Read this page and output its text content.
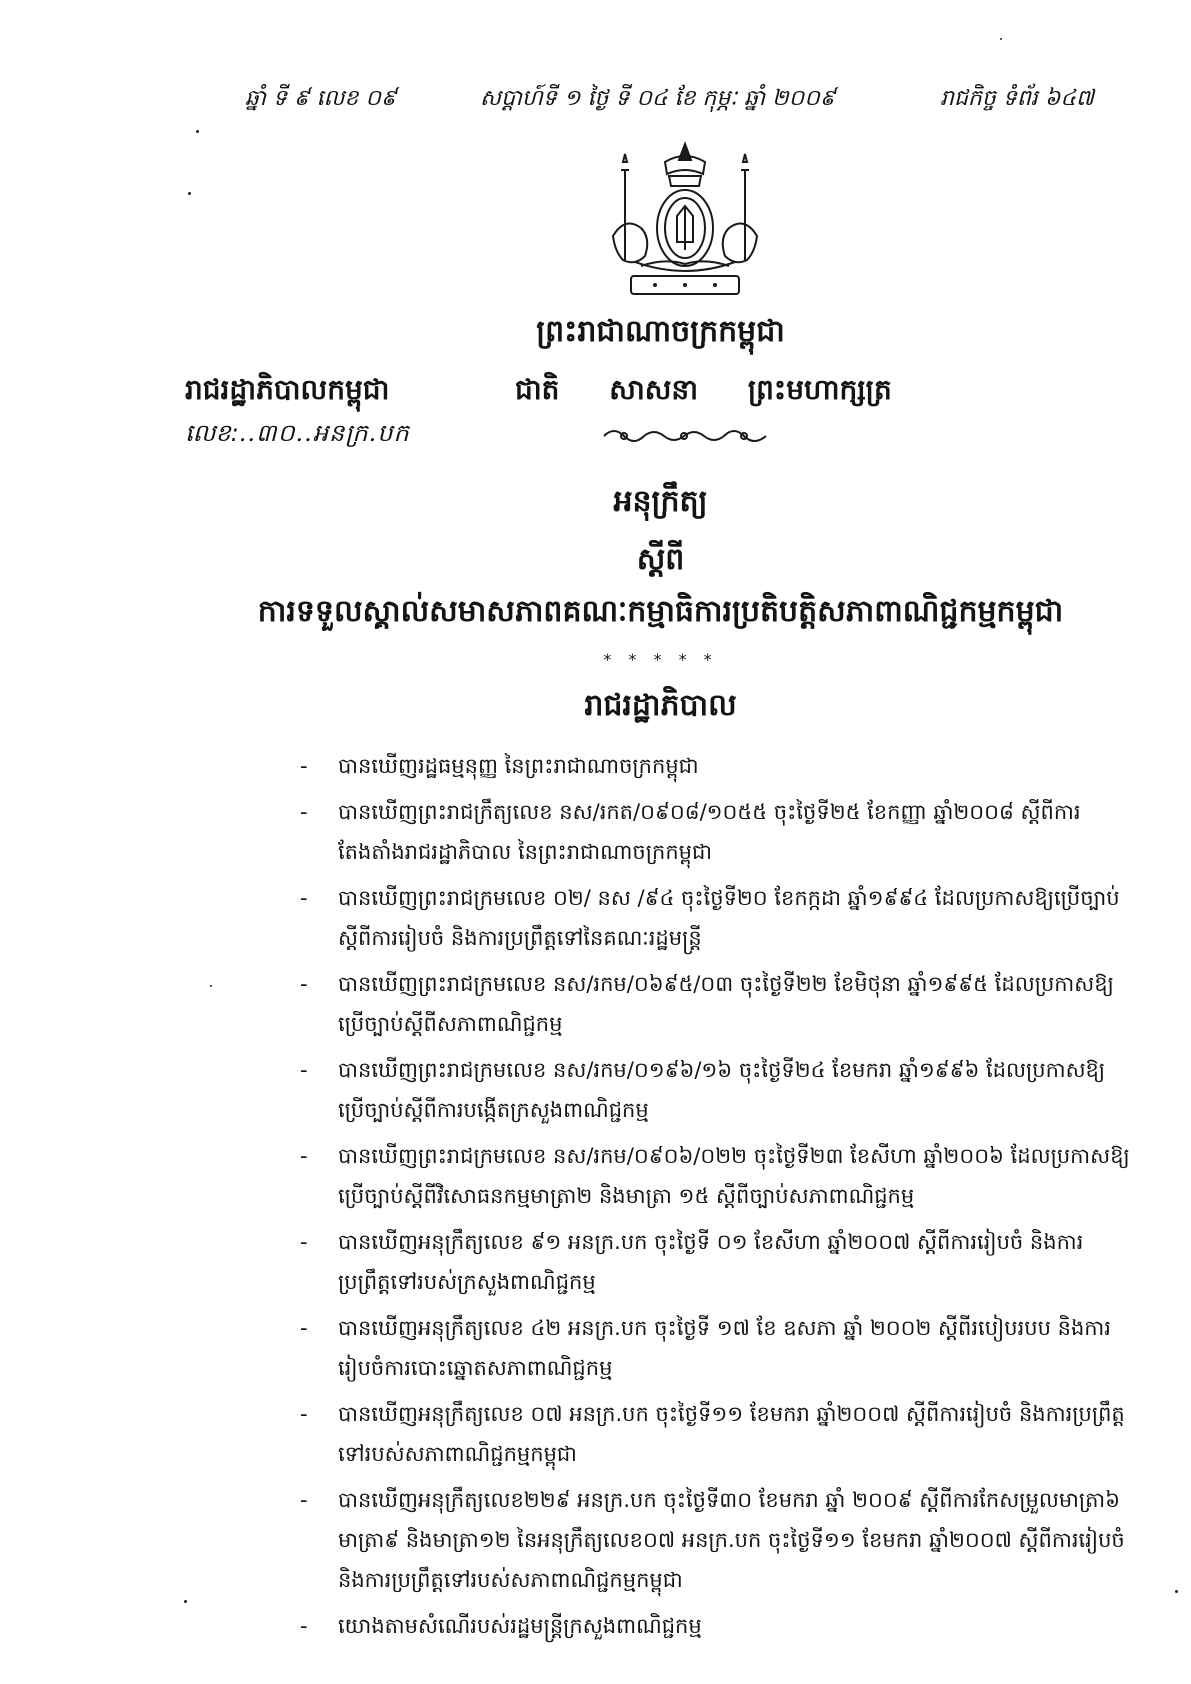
ឆ្នាំ ទី ៩ លេខ ០៩	សប្តាហ៍ទី ១ ថ្ងៃ ទី ០៤ ខែ កុម្ភៈ ឆ្នាំ ២០០៩	រាជកិច្ច ទំព័រ ៦៤៧
ព្រះរាជាណាចក្រកម្ពុជា
រាជរដ្ឋាភិបាលកម្ពុជា	ជាតិ សាសនា ព្រះមហាក្សត្រ
លេខ:..៣០..អនក្រ.បក
អនុក្រឹត្យ
ស្តីពី
ការទទួលស្គាល់សមាសភាពគណៈកម្មាធិការប្រតិបត្តិសភាពាណិជ្ជកម្មកម្ពុជា
* * * * *
រាជរដ្ឋាភិបាល
- បានឃើញរដ្ឋធម្មនុញ្ញ នៃព្រះរាជាណាចក្រកម្ពុជា
- បានឃើញព្រះរាជក្រឹត្យលេខ នស/រកត/០៩០៨/១០៥៥ ចុះថ្ងៃទី២៥ ខែកញ្ញា ឆ្នាំ២០០៨ ស្តីពីការតែងតាំងរាជរដ្ឋាភិបាល នៃព្រះរាជាណាចក្រកម្ពុជា
- បានឃើញព្រះរាជក្រមលេខ ០២/ នស /៩៤ ចុះថ្ងៃទី២០ ខែកក្កដា ឆ្នាំ១៩៩៤ ដែលប្រកាសឱ្យប្រើច្បាប់ស្តីពីការរៀបចំ និងការប្រព្រឹត្តទៅនៃគណៈរដ្ឋមន្ត្រី
- បានឃើញព្រះរាជក្រមលេខ នស/រកម/០៦៩៥/០៣ ចុះថ្ងៃទី២២ ខែមិថុនា ឆ្នាំ១៩៩៥ ដែលប្រកាសឱ្យប្រើច្បាប់ស្តីពីសភាពាណិជ្ជកម្ម
- បានឃើញព្រះរាជក្រមលេខ នស/រកម/០១៩៦/១៦ ចុះថ្ងៃទី២៤ ខែមករា ឆ្នាំ១៩៩៦ ដែលប្រកាសឱ្យប្រើច្បាប់ស្តីពីការបង្កើតក្រសួងពាណិជ្ជកម្ម
- បានឃើញព្រះរាជក្រមលេខ នស/រកម/០៩០៦/០២២ ចុះថ្ងៃទី២៣ ខែសីហា ឆ្នាំ២០០៦ ដែលប្រកាសឱ្យប្រើច្បាប់ស្តីពីវិសោធនកម្មមាត្រា២ និងមាត្រា ១៥ ស្តីពីច្បាប់សភាពាណិជ្ជកម្ម
- បានឃើញអនុក្រឹត្យលេខ ៩១ អនក្រ.បក ចុះថ្ងៃទី ០១ ខែសីហា ឆ្នាំ២០០៧ ស្តីពីការរៀបចំ និងការប្រព្រឹត្តទៅរបស់ក្រសួងពាណិជ្ជកម្ម
- បានឃើញអនុក្រឹត្យលេខ ៤២ អនក្រ.បក ចុះថ្ងៃទី ១៧ ខែ ឧសភា ឆ្នាំ ២០០២ ស្តីពីរបៀបរបប និងការរៀបចំការបោះឆ្នោតសភាពាណិជ្ជកម្ម
- បានឃើញអនុក្រឹត្យលេខ ០៧ អនក្រ.បក ចុះថ្ងៃទី១១ ខែមករា ឆ្នាំ២០០៧ ស្តីពីការរៀបចំ និងការប្រព្រឹត្តទៅរបស់សភាពាណិជ្ជកម្មកម្ពុជា
- បានឃើញអនុក្រឹត្យលេខ២២៩ អនក្រ.បក ចុះថ្ងៃទី៣០ ខែមករា ឆ្នាំ ២០០៩ ស្តីពីការកែសម្រួលមាត្រា៦ មាត្រា៩ និងមាត្រា១២ នៃអនុក្រឹត្យលេខ០៧ អនក្រ.បក ចុះថ្ងៃទី១១ ខែមករា ឆ្នាំ២០០៧ ស្តីពីការរៀបចំនិងការប្រព្រឹត្តទៅរបស់សភាពាណិជ្ជកម្មកម្ពុជា
- យោងតាមសំណើរបស់រដ្ឋមន្ត្រីក្រសួងពាណិជ្ជកម្ម
